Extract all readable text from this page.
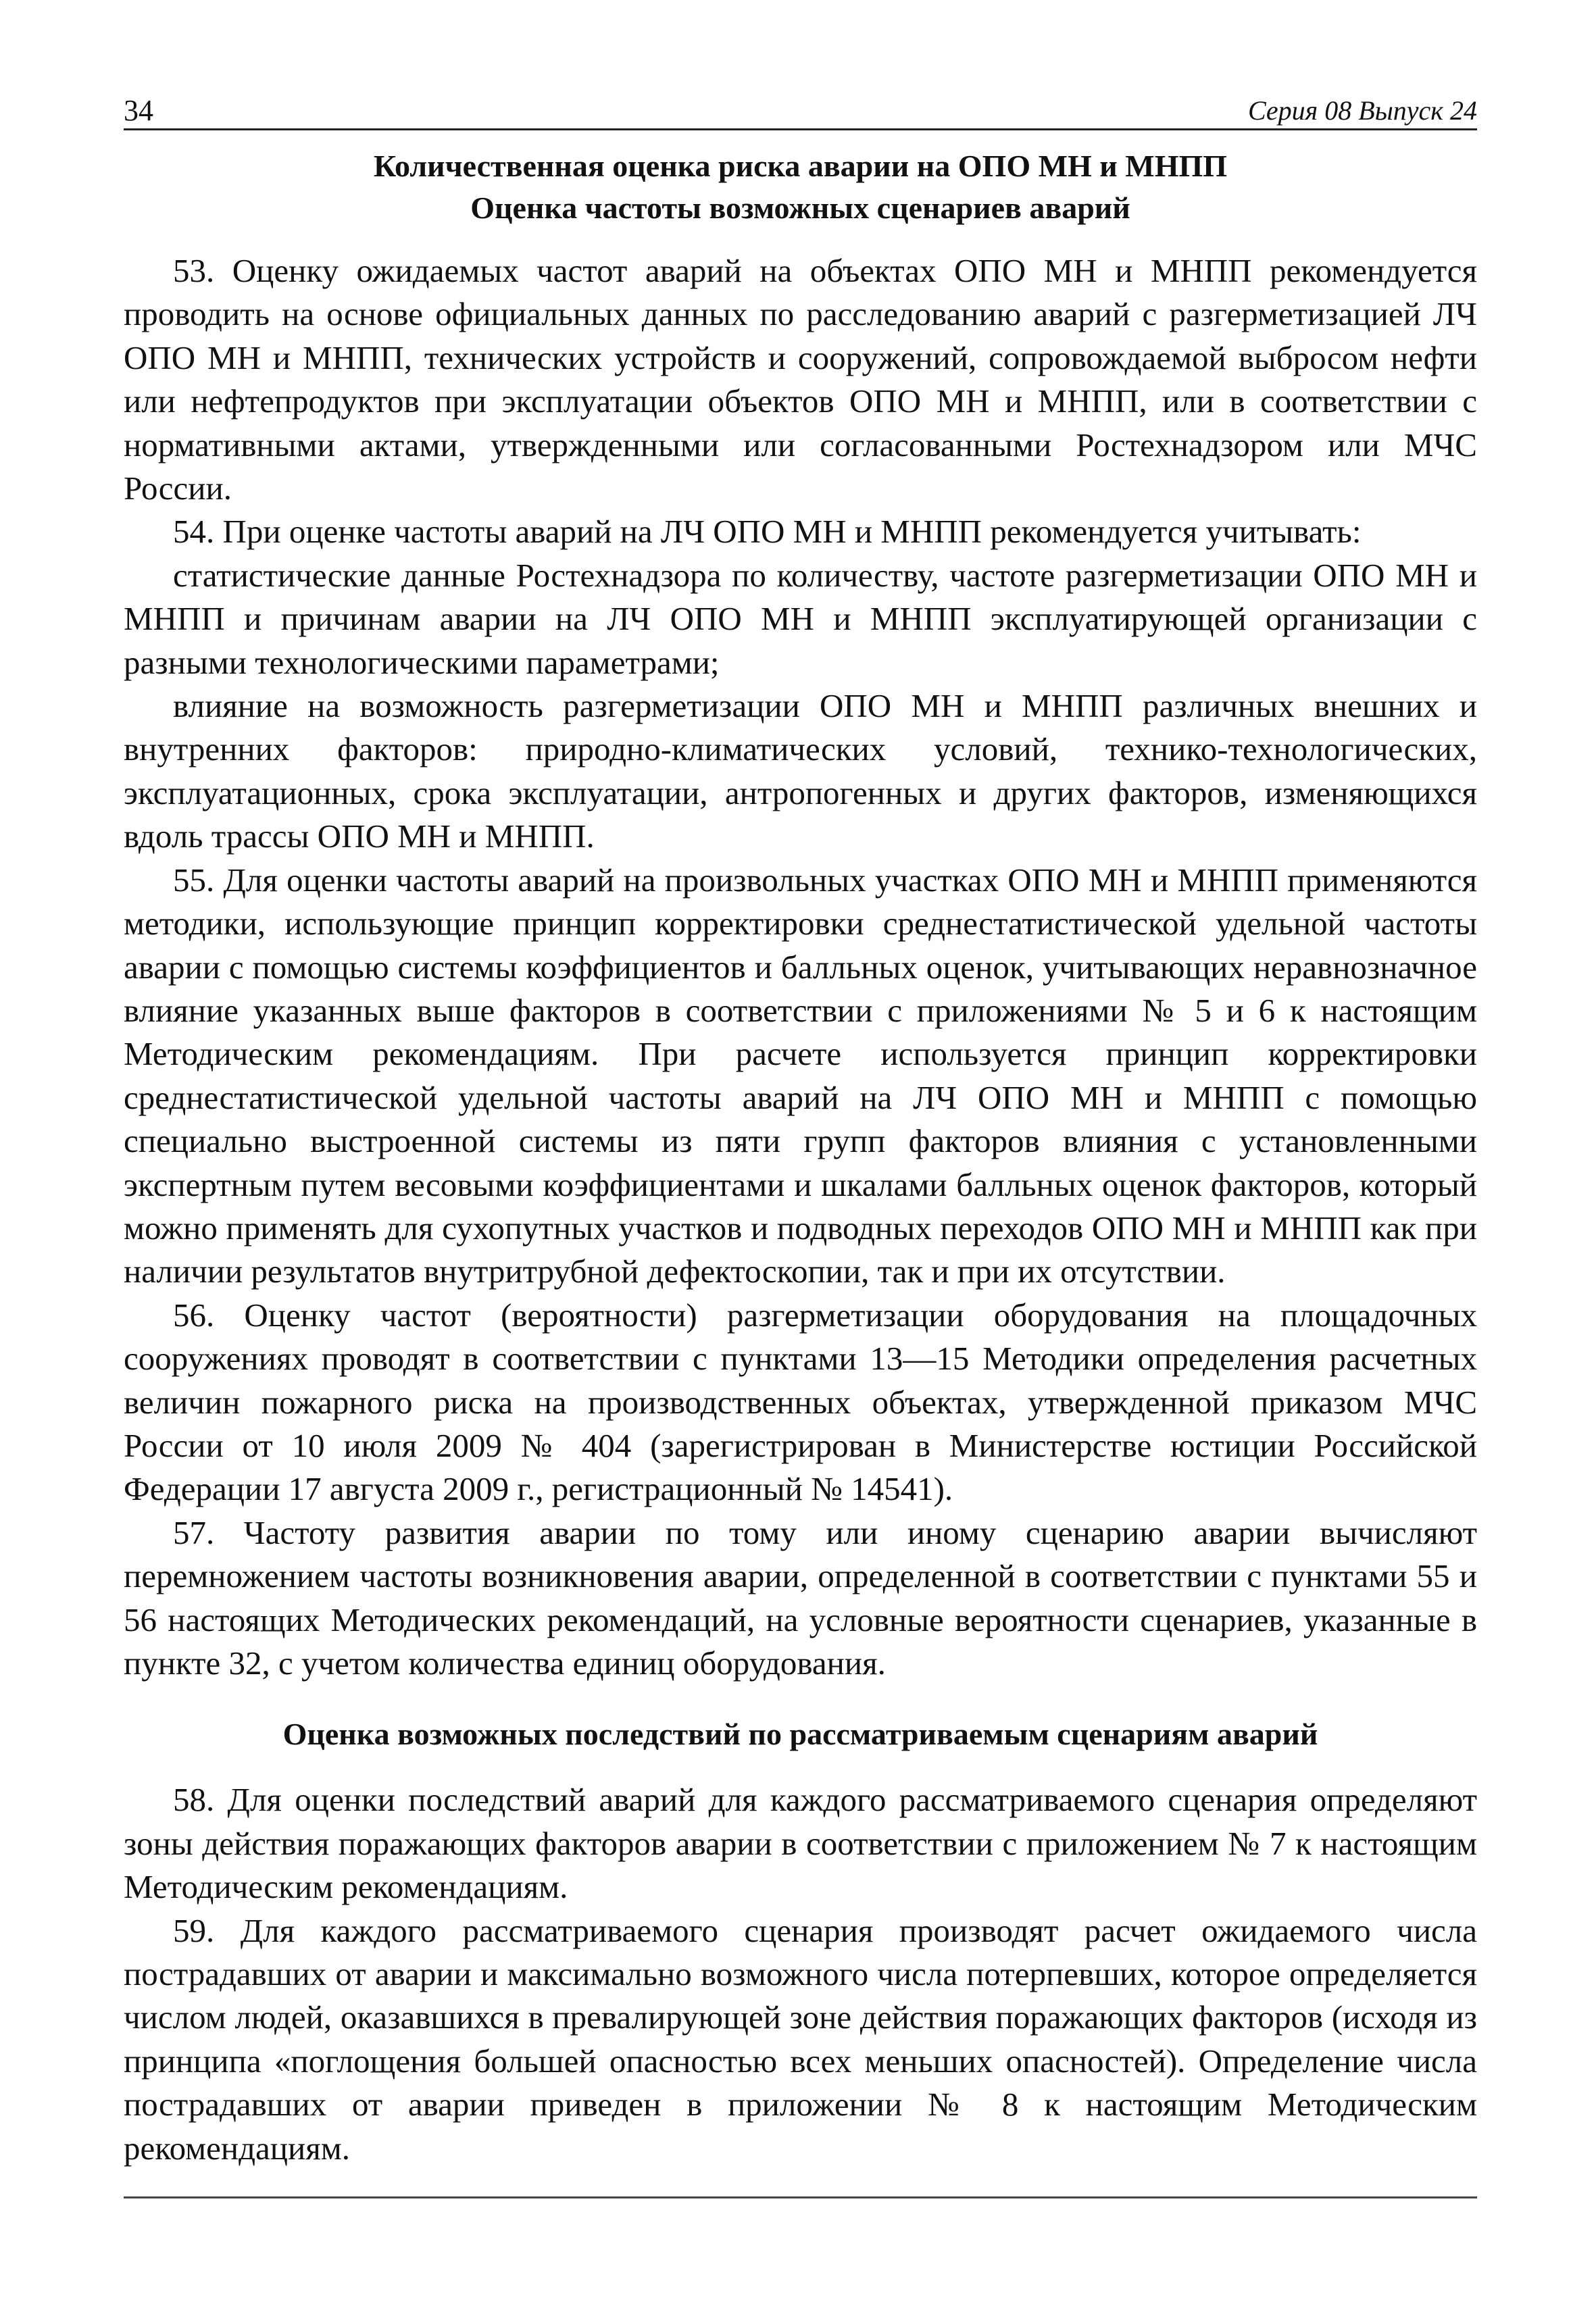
34	Серия 08 Выпуск 24

Количественная оценка риска аварии на ОПО МН и МНПП

Оценка частоты возможных сценариев аварий

53. Оценку ожидаемых частот аварий на объектах ОПО МН и МНПП рекомендуется проводить на основе официальных данных по расследованию аварий с разгерметизацией ЛЧ ОПО МН и МНПП, технических устройств и сооружений, сопровождаемой выбросом нефти или нефтепродуктов при эксплуатации объектов ОПО МН и МНПП, или в соответствии с нормативными актами, утвержденными или согласованными Ростехнадзором или МЧС России.

54. При оценке частоты аварий на ЛЧ ОПО МН и МНПП рекомендуется учитывать:

статистические данные Ростехнадзора по количеству, частоте разгерметизации ОПО МН и МНПП и причинам аварии на ЛЧ ОПО МН и МНПП эксплуатирующей организации с разными технологическими параметрами;

влияние на возможность разгерметизации ОПО МН и МНПП различных внешних и внутренних факторов: природно-климатических условий, технико-технологических, эксплуатационных, срока эксплуатации, антропогенных и других факторов, изменяющихся вдоль трассы ОПО МН и МНПП.

55. Для оценки частоты аварий на произвольных участках ОПО МН и МНПП применяются методики, использующие принцип корректировки среднестатистической удельной частоты аварии с помощью системы коэффициентов и балльных оценок, учитывающих неравнозначное влияние указанных выше факторов в соответствии с приложениями № 5 и 6 к настоящим Методическим рекомендациям. При расчете используется принцип корректировки среднестатистической удельной частоты аварий на ЛЧ ОПО МН и МНПП с помощью специально выстроенной системы из пяти групп факторов влияния с установленными экспертным путем весовыми коэффициентами и шкалами балльных оценок факторов, который можно применять для сухопутных участков и подводных переходов ОПО МН и МНПП как при наличии результатов внутритрубной дефектоскопии, так и при их отсутствии.

56. Оценку частот (вероятности) разгерметизации оборудования на площадочных сооружениях проводят в соответствии с пунктами 13—15 Методики определения расчетных величин пожарного риска на производственных объектах, утвержденной приказом МЧС России от 10 июля 2009 № 404 (зарегистрирован в Министерстве юстиции Российской Федерации 17 августа 2009 г., регистрационный № 14541).

57. Частоту развития аварии по тому или иному сценарию аварии вычисляют перемножением частоты возникновения аварии, определенной в соответствии с пунктами 55 и 56 настоящих Методических рекомендаций, на условные вероятности сценариев, указанные в пункте 32, с учетом количества единиц оборудования.

Оценка возможных последствий по рассматриваемым сценариям аварий

58. Для оценки последствий аварий для каждого рассматриваемого сценария определяют зоны действия поражающих факторов аварии в соответствии с приложением № 7 к настоящим Методическим рекомендациям.

59. Для каждого рассматриваемого сценария производят расчет ожидаемого числа пострадавших от аварии и максимально возможного числа потерпевших, которое определяется числом людей, оказавшихся в превалирующей зоне действия поражающих факторов (исходя из принципа «поглощения большей опасностью всех меньших опасностей). Определение числа пострадавших от аварии приведен в приложении № 8 к настоящим Методическим рекомендациям.
